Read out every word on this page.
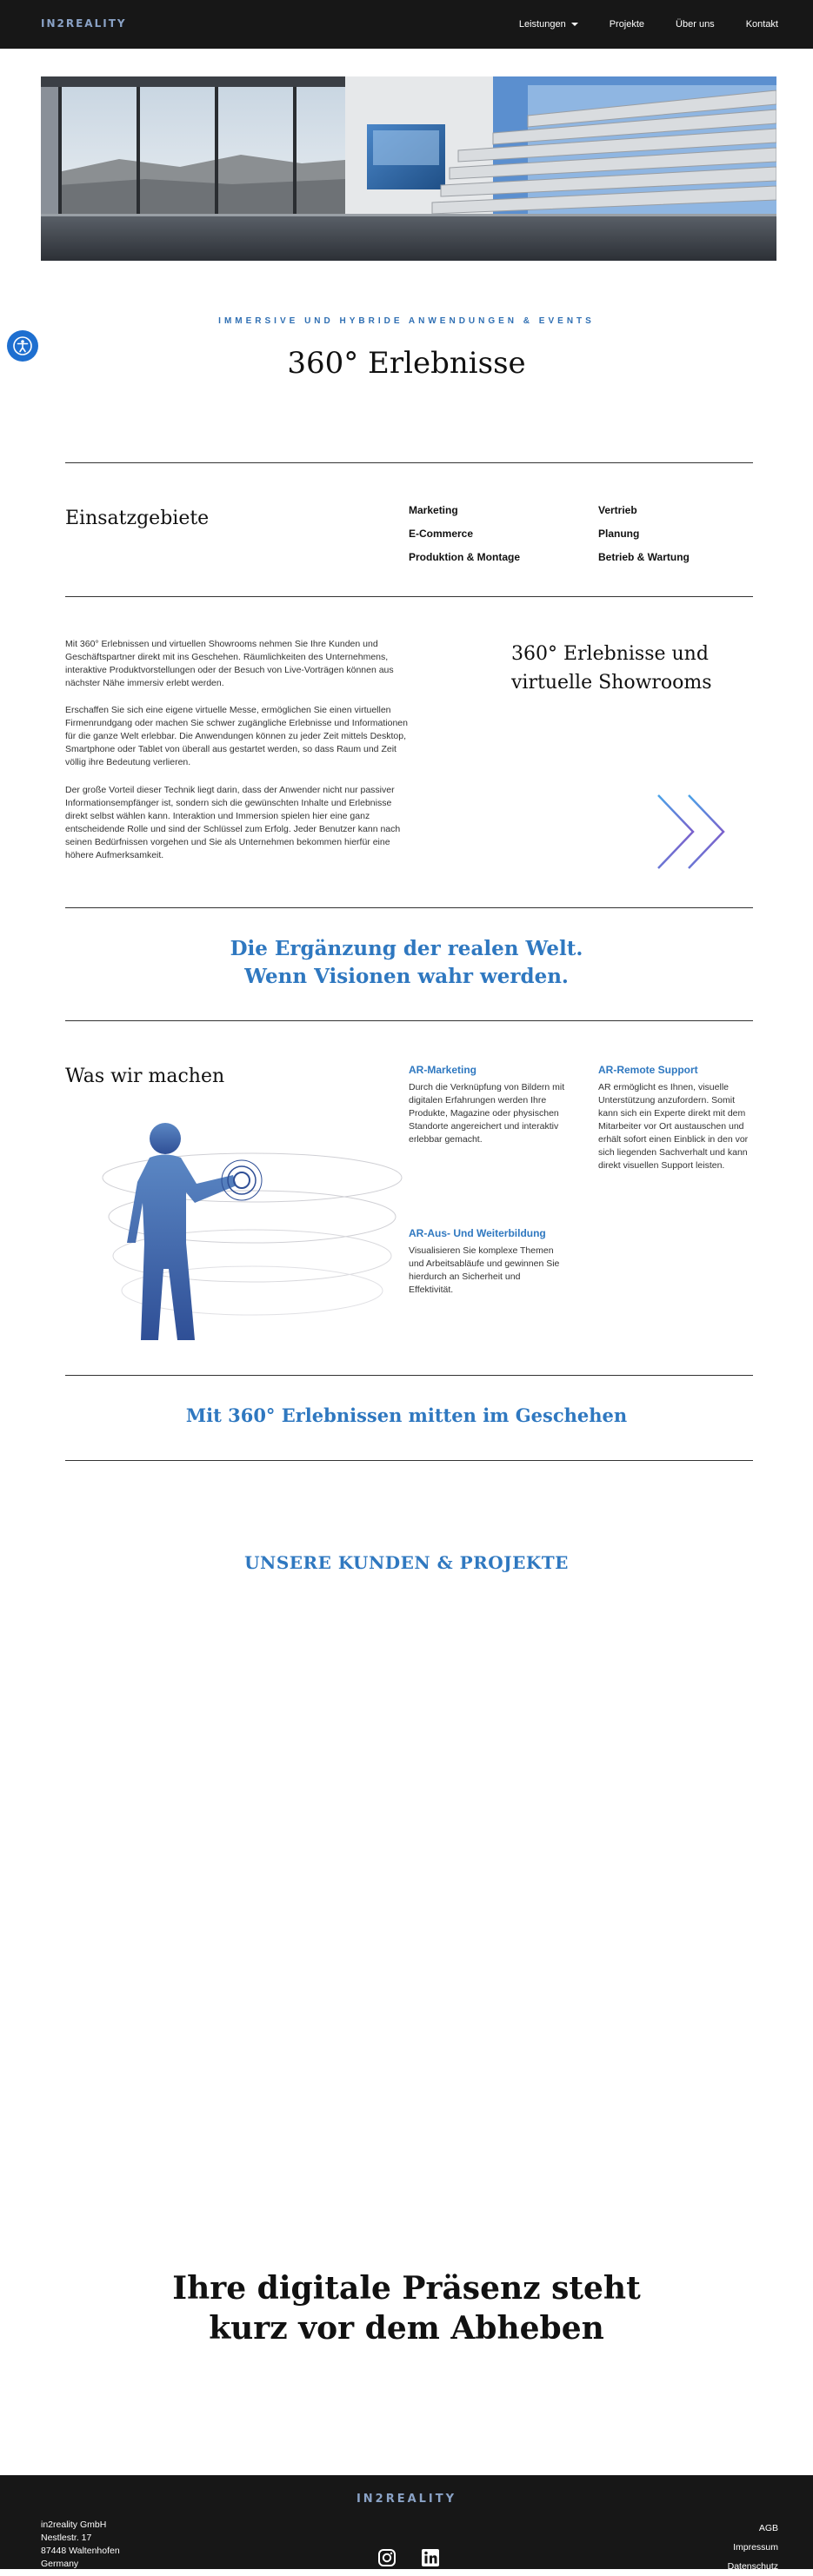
IN2REALITY	Leistungen	Projekte	Über uns	Kontakt
IMMERSIVE UND HYBRIDE ANWENDUNGEN & EVENTS
360° Erlebnisse
Einsatzgebiete	Marketing	Vertrieb
E-Commerce	Planung
Produktion & Montage	Betrieb & Wartung

Mit 360° Erlebnissen und virtuellen Showrooms nehmen Sie Ihre Kunden und Geschäftspartner direkt mit ins Geschehen. Räumlichkeiten des Unternehmens, interaktive Produktvorstellungen oder der Besuch von Live-Vorträgen können aus nächster Nähe immersiv erlebt werden.

Erschaffen Sie sich eine eigene virtuelle Messe, ermöglichen Sie einen virtuellen Firmenrundgang oder machen Sie schwer zugängliche Erlebnisse und Informationen für die ganze Welt erlebbar. Die Anwendungen können zu jeder Zeit mittels Desktop, Smartphone oder Tablet von überall aus gestartet werden, so dass Raum und Zeit völlig ihre Bedeutung verlieren.

Der große Vorteil dieser Technik liegt darin, dass der Anwender nicht nur passiver Informationsempfänger ist, sondern sich die gewünschten Inhalte und Erlebnisse direkt selbst wählen kann. Interaktion und Immersion spielen hier eine ganz entscheidende Rolle und sind der Schlüssel zum Erfolg. Jeder Benutzer kann nach seinen Bedürfnissen vorgehen und Sie als Unternehmen bekommen hierfür eine höhere Aufmerksamkeit.

360° Erlebnisse und
virtuelle Showrooms
Die Ergänzung der realen Welt.
Wenn Visionen wahr werden.
Was wir machen	AR-Marketing

Durch die Verknüpfung von Bildern mit digitalen Erfahrungen werden Ihre Produkte, Magazine oder physischen Standorte angereichert und interaktiv erlebbar gemacht.

AR-Remote Support

AR ermöglicht es Ihnen, visuelle Unterstützung anzufordern. Somit kann sich ein Experte direkt mit dem Mitarbeiter vor Ort austauschen und erhält sofort einen Einblick in den vor sich liegenden Sachverhalt und kann direkt visuellen Support leisten.

AR-Aus- Und Weiterbildung

Visualisieren Sie komplexe Themen und Arbeitsabläufe und gewinnen Sie hierdurch an Sicherheit und Effektivität.

Mit 360° Erlebnissen mitten im Geschehen
UNSERE KUNDEN & PROJEKTE
Ihre digitale Präsenz steht
kurz vor dem Abheben
IN2REALITY
in2reality GmbH
Nestlestr. 17
87448 Waltenhofen
Germany
AGB
Impressum
Datenschutz
